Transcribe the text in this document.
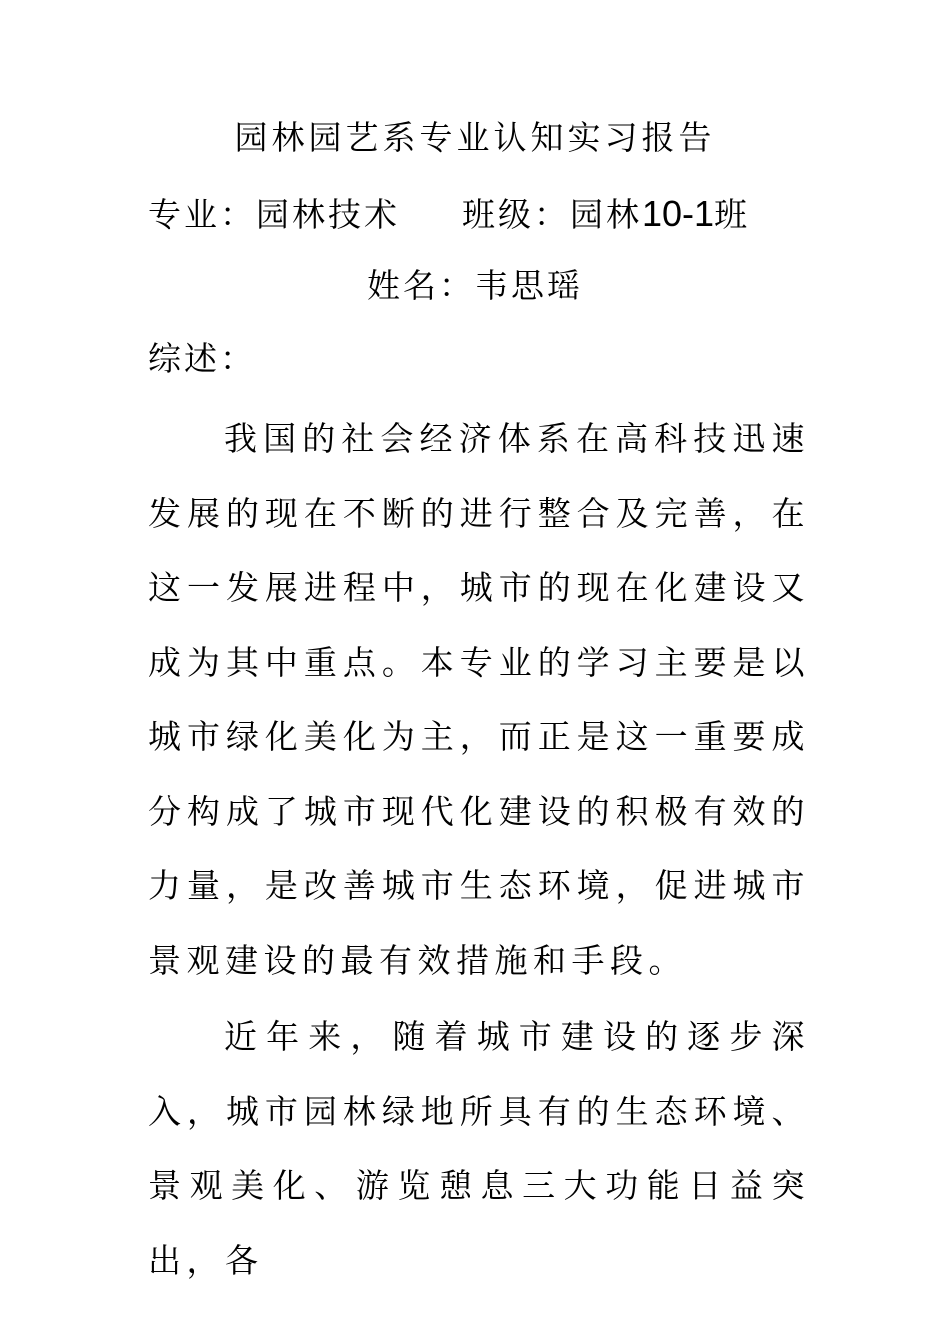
园林园艺系专业认知实习报告
专业：园林技术 班级：园林10-1班
姓名：韦思瑶
综述：

我国的社会经济体系在高科技迅速发展的现在不断的进行整合及完善，在这一发展进程中，城市的现在化建设又成为其中重点。本专业的学习主要是以城市绿化美化为主，而正是这一重要成分构成了城市现代化建设的积极有效的力量，是改善城市生态环境，促进城市景观建设的最有效措施和手段。

近年来，随着城市建设的逐步深入，城市园林绿地所具有的生态环境、景观美化、游览憩息三大功能日益突出，各
